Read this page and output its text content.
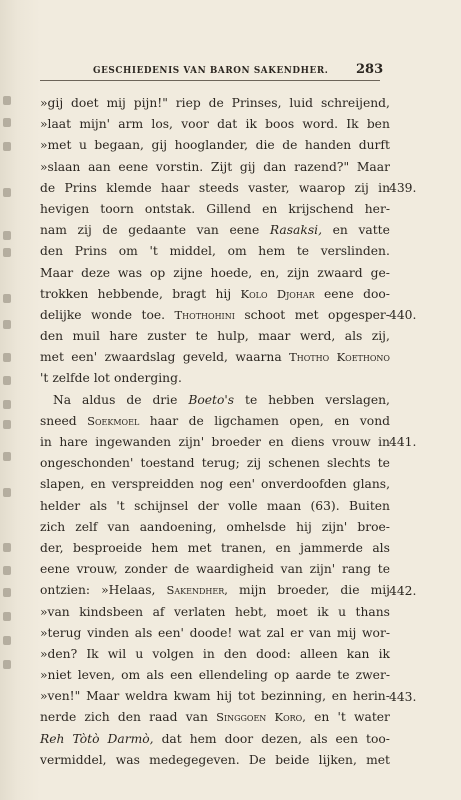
GESCHIEDENIS VAN BARON SAKENDHER. 283
»gij doet mij pijn!" riep de Prinses, luid schreijend,
»laat mijn' arm los, voor dat ik boos word. Ik ben
»met u begaan, gij hooglander, die de handen durft
»slaan aan eene vorstin. Zijt gij dan razend?" Maar
de Prins klemde haar steeds vaster, waarop zij in
hevigen toorn ontstak. Gillend en krijschend her-
nam zij de gedaante van eene Rasaksi, en vatte
den Prins om 't middel, om hem te verslinden.
Maar deze was op zijne hoede, en, zijn zwaard ge-
trokken hebbende, bragt hij Kolo Djohar eene doo-
delijke wonde toe. Thothohini schoot met opgesper-
den muil hare zuster te hulp, maar werd, als zij,
met een' zwaardslag geveld, waarna Thotho Koethono
't zelfde lot onderging.
Na aldus de drie Boeto's te hebben verslagen,
sneed Soekmoel haar de ligchamen open, en vond
in hare ingewanden zijn' broeder en diens vrouw in
ongeschonden' toestand terug; zij schenen slechts te
slapen, en verspreidden nog een' onverdoofden glans,
helder als 't schijnsel der volle maan (63). Buiten
zich zelf van aandoening, omhelsde hij zijn' broe-
der, besproeide hem met tranen, en jammerde als
eene vrouw, zonder de waardigheid van zijn' rang te
ontzien: »Helaas, Sakendher, mijn broeder, die mij
»van kindsbeen af verlaten hebt, moet ik u thans
»terug vinden als een' doode! wat zal er van mij wor-
»den? Ik wil u volgen in den dood: alleen kan ik
»niet leven, om als een ellendeling op aarde te zwer-
»ven!" Maar weldra kwam hij tot bezinning, en herin-
nerde zich den raad van Singgoen Koro, en 't water
Reh Tòtò Darmò, dat hem door dezen, als een too-
vermiddel, was medegegeven. De beide lijken, met
439.
440.
441.
442.
443.
